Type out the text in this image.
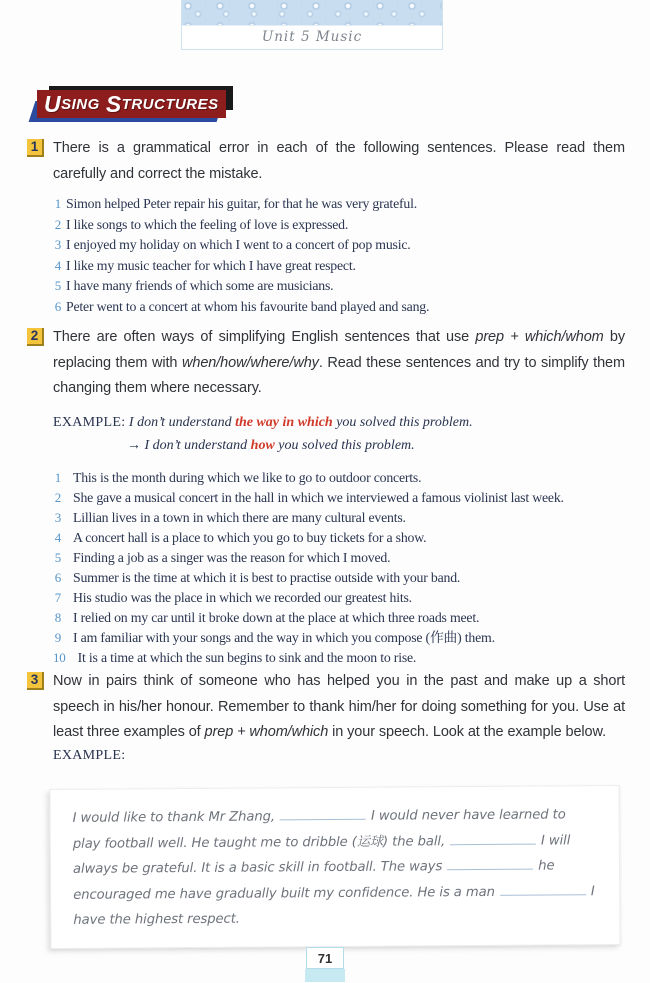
Unit 5 Music
U SING S TRUCTURES
1	There is a grammatical error in each of the following sentences. Please read them carefully and correct the mistake.

1 Simon helped Peter repair his guitar, for that he was very grateful.
2 I like songs to which the feeling of love is expressed.
3 I enjoyed my holiday on which I went to a concert of pop music.
4 I like my music teacher for which I have great respect.
5 I have many friends of which some are musicians.
6 Peter went to a concert at whom his favourite band played and sang.
2	There are often ways of simplifying English sentences that use prep + which/whom by replacing them with when/how/where/why. Read these sentences and try to simplify them changing them where necessary.

EXAMPLE: I don’t understand the way in which you solved this problem.
→ I don’t understand how you solved this problem.
1 This is the month during which we like to go to outdoor concerts.
2 She gave a musical concert in the hall in which we interviewed a famous violinist last week.
3 Lillian lives in a town in which there are many cultural events.
4 A concert hall is a place to which you go to buy tickets for a show.
5 Finding a job as a singer was the reason for which I moved.
6 Summer is the time at which it is best to practise outside with your band.
7 His studio was the place in which we recorded our greatest hits.
8 I relied on my car until it broke down at the place at which three roads meet.
9 I am familiar with your songs and the way in which you compose (作曲) them.
10 It is a time at which the sun begins to sink and the moon to rise.
3	Now in pairs think of someone who has helped you in the past and make up a short speech in his/her honour. Remember to thank him/her for doing something for you. Use at least three examples of prep + whom/which in your speech. Look at the example below.

EXAMPLE:

I would like to thank Mr Zhang,	I would never have learned to play football well. He taught me to dribble (运球) the ball,	I will always be grateful. It is a basic skill in football. The ways	he encouraged me have gradually built my confidence. He is a man	I have the highest respect.

71
